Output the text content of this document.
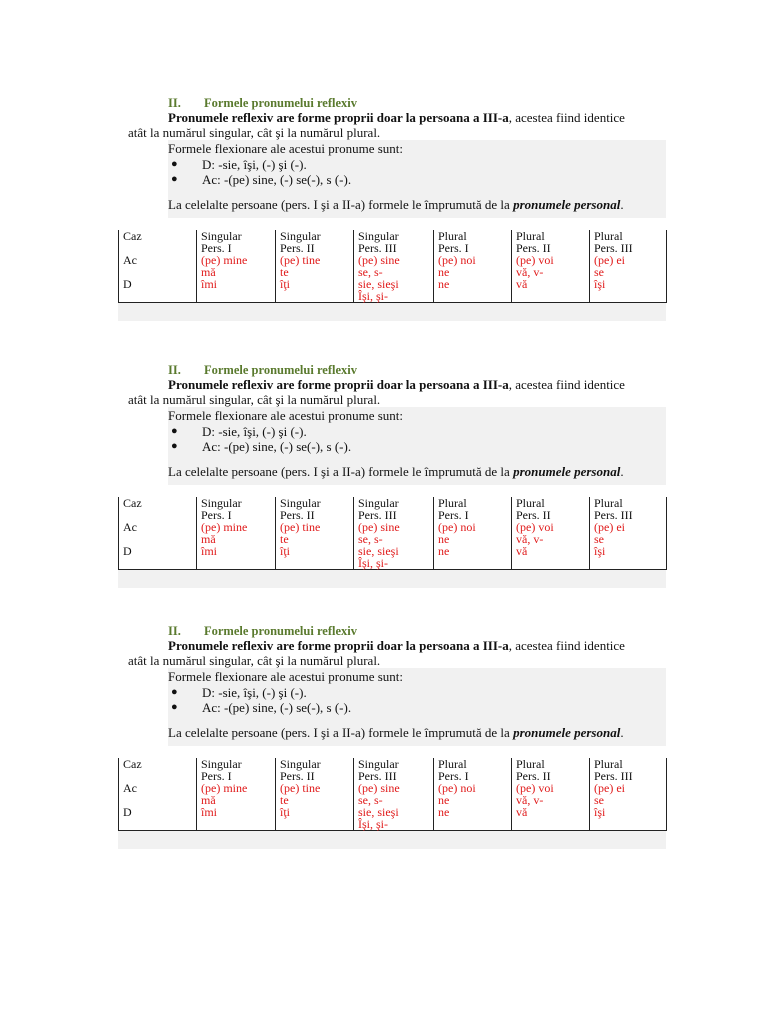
II. Formele pronumelui reflexiv
Pronumele reflexiv are forme proprii doar la persoana a III-a, acestea fiind identice
atât la numărul singular, cât şi la numărul plural.
Formele flexionare ale acestui pronume sunt:
● D: -sie, îşi, (-) şi (-).
● Ac: -(pe) sine, (-) se(-), s (-).
La celelalte persoane (pers. I şi a II-a) formele le împrumută de la pronumele personal.
Caz	Singular	Singular	Singular	Plural	Plural	Plural
	Pers. I	Pers. II	Pers. III	Pers. I	Pers. II	Pers. III
Ac	(pe) mine	(pe) tine	(pe) sine	(pe) noi	(pe) voi	(pe) ei
	mă	te	se, s-	ne	vă, v-	se
D	îmi	îţi	sie, sieşi	ne	vă	îşi
			Îşi, şi-			
II. Formele pronumelui reflexiv
Pronumele reflexiv are forme proprii doar la persoana a III-a, acestea fiind identice
atât la numărul singular, cât şi la numărul plural.
Formele flexionare ale acestui pronume sunt:
● D: -sie, îşi, (-) şi (-).
● Ac: -(pe) sine, (-) se(-), s (-).
La celelalte persoane (pers. I şi a II-a) formele le împrumută de la pronumele personal.
Caz	Singular	Singular	Singular	Plural	Plural	Plural
	Pers. I	Pers. II	Pers. III	Pers. I	Pers. II	Pers. III
Ac	(pe) mine	(pe) tine	(pe) sine	(pe) noi	(pe) voi	(pe) ei
	mă	te	se, s-	ne	vă, v-	se
D	îmi	îţi	sie, sieşi	ne	vă	îşi
			Îşi, şi-			
II. Formele pronumelui reflexiv
Pronumele reflexiv are forme proprii doar la persoana a III-a, acestea fiind identice
atât la numărul singular, cât şi la numărul plural.
Formele flexionare ale acestui pronume sunt:
● D: -sie, îşi, (-) şi (-).
● Ac: -(pe) sine, (-) se(-), s (-).
La celelalte persoane (pers. I şi a II-a) formele le împrumută de la pronumele personal.
Caz	Singular	Singular	Singular	Plural	Plural	Plural
	Pers. I	Pers. II	Pers. III	Pers. I	Pers. II	Pers. III
Ac	(pe) mine	(pe) tine	(pe) sine	(pe) noi	(pe) voi	(pe) ei
	mă	te	se, s-	ne	vă, v-	se
D	îmi	îţi	sie, sieşi	ne	vă	îşi
			Îşi, şi-			
